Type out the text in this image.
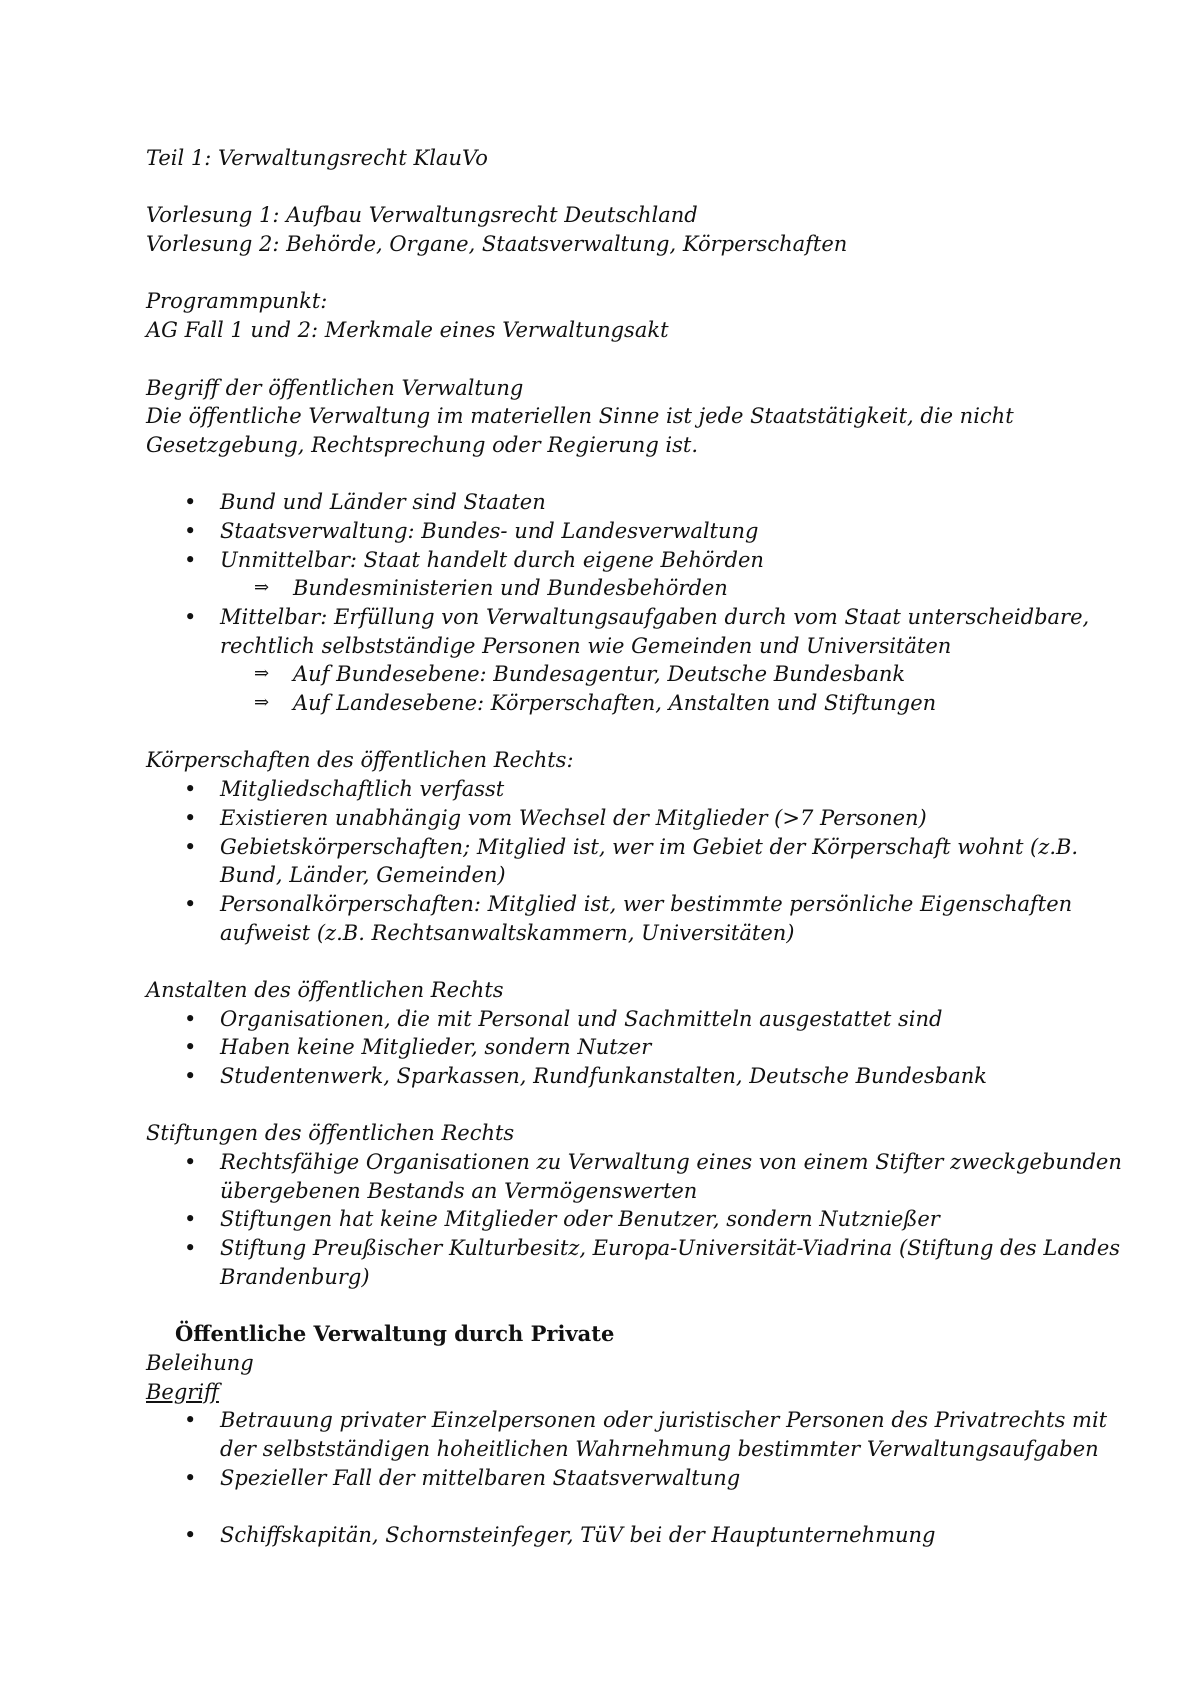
Teil 1: Verwaltungsrecht KlauVo
Vorlesung 1: Aufbau Verwaltungsrecht Deutschland
Vorlesung 2: Behörde, Organe, Staatsverwaltung, Körperschaften
Programmpunkt:
AG Fall 1 und 2: Merkmale eines Verwaltungsakt
Begriff der öffentlichen Verwaltung
Die öffentliche Verwaltung im materiellen Sinne ist jede Staatstätigkeit, die nicht
Gesetzgebung, Rechtsprechung oder Regierung ist.
• Bund und Länder sind Staaten
• Staatsverwaltung: Bundes- und Landesverwaltung
• Unmittelbar: Staat handelt durch eigene Behörden
⇒ Bundesministerien und Bundesbehörden
• Mittelbar: Erfüllung von Verwaltungsaufgaben durch vom Staat unterscheidbare,
rechtlich selbstständige Personen wie Gemeinden und Universitäten
⇒ Auf Bundesebene: Bundesagentur, Deutsche Bundesbank
⇒ Auf Landesebene: Körperschaften, Anstalten und Stiftungen
Körperschaften des öffentlichen Rechts:
• Mitgliedschaftlich verfasst
• Existieren unabhängig vom Wechsel der Mitglieder (>7 Personen)
• Gebietskörperschaften; Mitglied ist, wer im Gebiet der Körperschaft wohnt (z.B.
Bund, Länder, Gemeinden)
• Personalkörperschaften: Mitglied ist, wer bestimmte persönliche Eigenschaften
aufweist (z.B. Rechtsanwaltskammern, Universitäten)
Anstalten des öffentlichen Rechts
• Organisationen, die mit Personal und Sachmitteln ausgestattet sind
• Haben keine Mitglieder, sondern Nutzer
• Studentenwerk, Sparkassen, Rundfunkanstalten, Deutsche Bundesbank
Stiftungen des öffentlichen Rechts
• Rechtsfähige Organisationen zu Verwaltung eines von einem Stifter zweckgebunden
übergebenen Bestands an Vermögenswerten
• Stiftungen hat keine Mitglieder oder Benutzer, sondern Nutznießer
• Stiftung Preußischer Kulturbesitz, Europa-Universität-Viadrina (Stiftung des Landes
Brandenburg)
Öffentliche Verwaltung durch Private
Beleihung
Begriff
• Betrauung privater Einzelpersonen oder juristischer Personen des Privatrechts mit
der selbstständigen hoheitlichen Wahrnehmung bestimmter Verwaltungsaufgaben
• Spezieller Fall der mittelbaren Staatsverwaltung
• Schiffskapitän, Schornsteinfeger, TüV bei der Hauptunternehmung
